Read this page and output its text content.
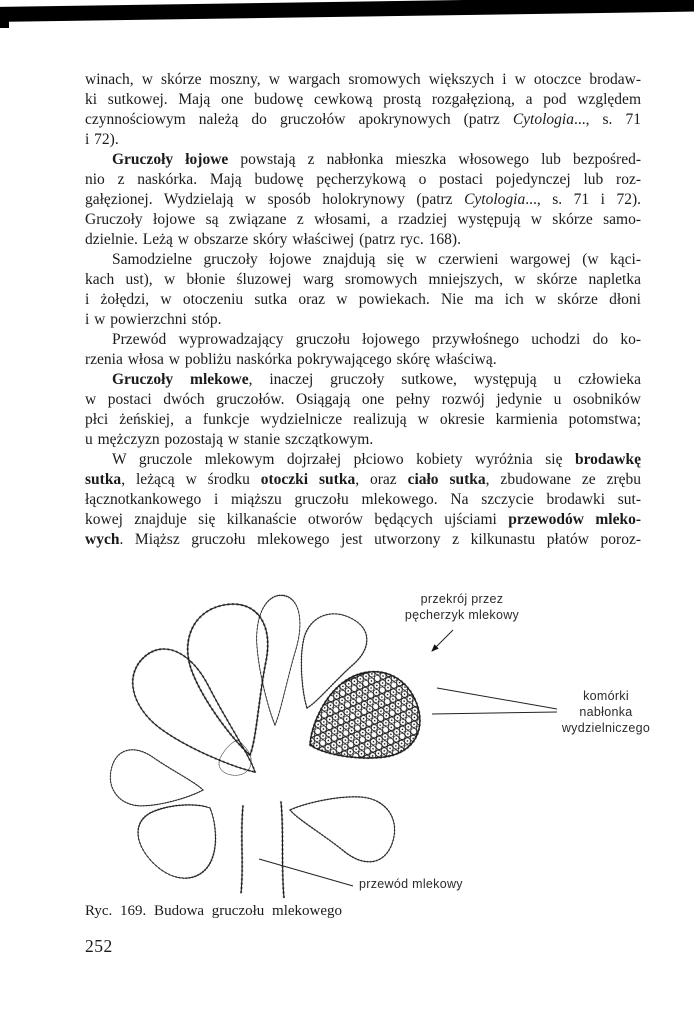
winach, w skórze moszny, w wargach sromowych większych i w otoczce brodaw-
ki sutkowej. Mają one budowę cewkową prostą rozgałęzioną, a pod względem
czynnościowym należą do gruczołów apokrynowych (patrz Cytologia..., s. 71
i 72).
Gruczoły łojowe powstają z nabłonka mieszka włosowego lub bezpośred-
nio z naskórka. Mają budowę pęcherzykową o postaci pojedynczej lub roz-
gałęzionej. Wydzielają w sposób holokrynowy (patrz Cytologia..., s. 71 i 72).
Gruczoły łojowe są związane z włosami, a rzadziej występują w skórze samo-
dzielnie. Leżą w obszarze skóry właściwej (patrz ryc. 168).
Samodzielne gruczoły łojowe znajdują się w czerwieni wargowej (w kąci-
kach ust), w błonie śluzowej warg sromowych mniejszych, w skórze napletka
i żołędzi, w otoczeniu sutka oraz w powiekach. Nie ma ich w skórze dłoni
i w powierzchni stóp.
Przewód wyprowadzający gruczołu łojowego przywłośnego uchodzi do ko-
rzenia włosa w pobliżu naskórka pokrywającego skórę właściwą.
Gruczoły mlekowe, inaczej gruczoły sutkowe, występują u człowieka
w postaci dwóch gruczołów. Osiągają one pełny rozwój jedynie u osobników
płci żeńskiej, a funkcje wydzielnicze realizują w okresie karmienia potomstwa;
u mężczyzn pozostają w stanie szczątkowym.
W gruczole mlekowym dojrzałej płciowo kobiety wyróżnia się brodawkę
sutka, leżącą w środku otoczki sutka, oraz ciało sutka, zbudowane ze zrębu
łącznotkankowego i miąższu gruczołu mlekowego. Na szczycie brodawki sut-
kowej znajduje się kilkanaście otworów będących ujściami przewodów mleko-
wych. Miąższ gruczołu mlekowego jest utworzony z kilkunastu płatów poroz-
przekrój przez
pęcherzyk mlekowy
komórki
nabłonka
wydzielniczego
przewód mlekowy
Ryc. 169. Budowa gruczołu mlekowego
252
